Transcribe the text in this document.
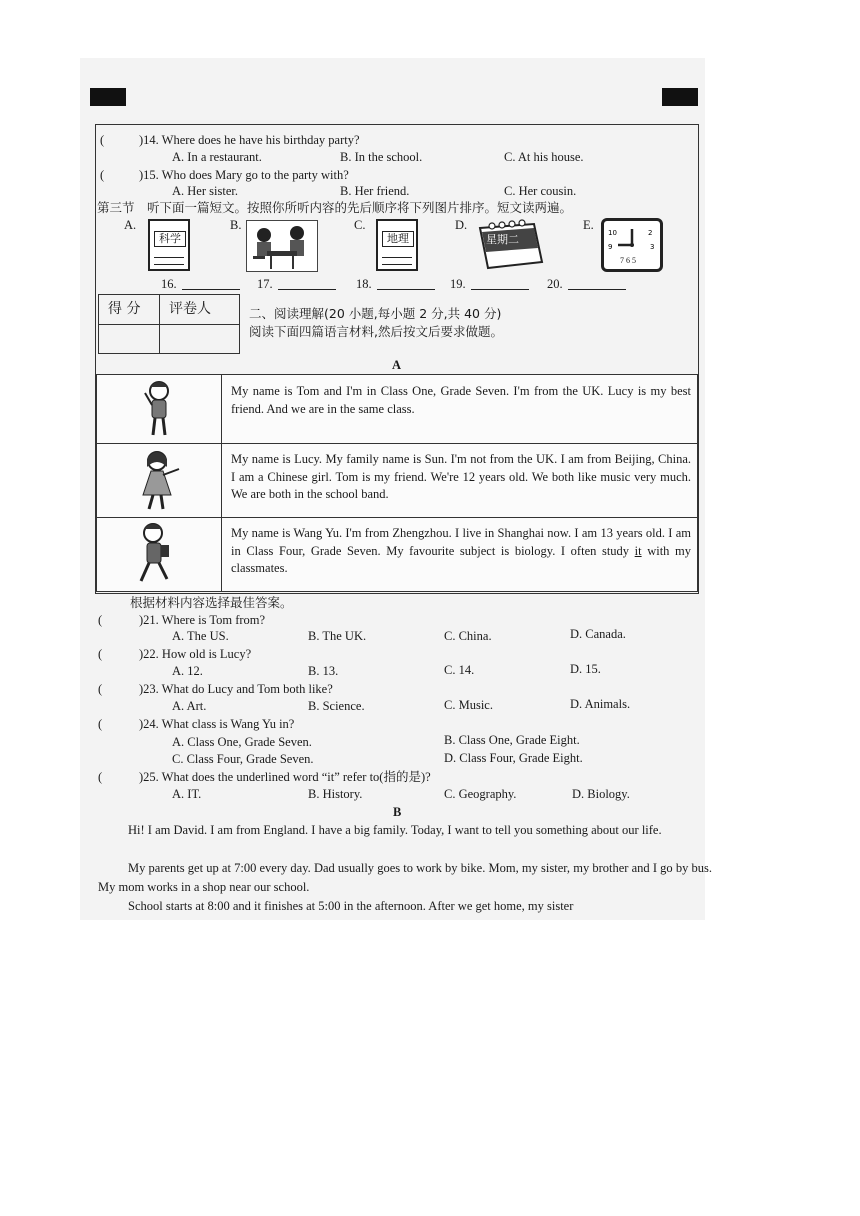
(	)14. Where does he have his birthday party?
A. In a restaurant.	B. In the school.	C. At his house.
(	)15. Who does Mary go to the party with?
A. Her sister.	B. Her friend.	C. Her cousin.
第三节　听下面一篇短文。按照你所听内容的先后顺序将下列图片排序。短文读两遍。
A.	B.	C.	D.	E.
科学	地理	星期二	10	2
9	3
7 6 5
16.	17.	18.	19.	20.
得 分 评卷人	二、阅读理解(20 小题,每小题 2 分,共 40 分)
阅读下面四篇语言材料,然后按文后要求做题。
A
My name is Tom and I'm in Class One, Grade Seven. I'm from the UK. Lucy is my best friend. And we are in the same class.
My name is Lucy. My family name is Sun. I'm not from the UK. I am from Beijing, China. I am a Chinese girl. Tom is my friend. We're 12 years old. We both like music very much. We are both in the school band.
My name is Wang Yu. I'm from Zhengzhou. I live in Shanghai now. I am 13 years old. I am in Class Four, Grade Seven. My favourite subject is biology. I often study it with my classmates.
根据材料内容选择最佳答案。
(	)21. Where is Tom from?
A. The US.	B. The UK.	C. China.	D. Canada.
(	)22. How old is Lucy?
A. 12.	B. 13.	C. 14.	D. 15.
(	)23. What do Lucy and Tom both like?
A. Art.	B. Science.	C. Music.	D. Animals.
(	)24. What class is Wang Yu in?
A. Class One, Grade Seven.	B. Class One, Grade Eight.
C. Class Four, Grade Seven.	D. Class Four, Grade Eight.
(	)25. What does the underlined word “it” refer to(指的是)?
A. IT.	B. History.	C. Geography.	D. Biology.
B
Hi! I am David. I am from England. I have a big family. Today, I want to tell you something about our life.
My parents get up at 7:00 every day. Dad usually goes to work by bike. Mom, my sister, my brother and I go by bus. My mom works in a shop near our school.
School starts at 8:00 and it finishes at 5:00 in the afternoon. After we get home, my sister
